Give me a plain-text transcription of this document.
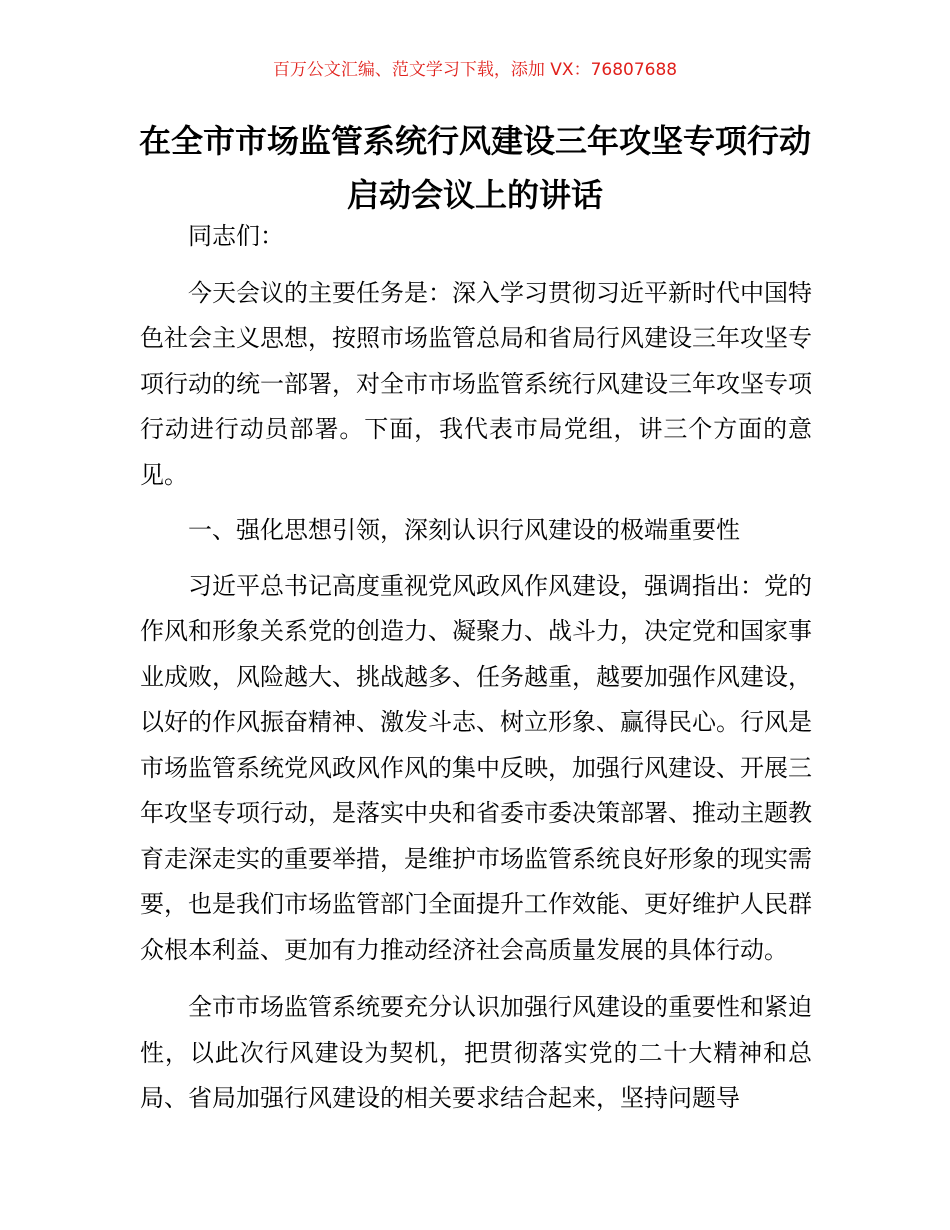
百万公文汇编、范文学习下载，添加 VX：76807688
在全市市场监管系统行风建设三年攻坚专项行动启动会议上的讲话

同志们：

今天会议的主要任务是：深入学习贯彻习近平新时代中国特色社会主义思想，按照市场监管总局和省局行风建设三年攻坚专项行动的统一部署，对全市市场监管系统行风建设三年攻坚专项行动进行动员部署。下面，我代表市局党组，讲三个方面的意见。

一、强化思想引领，深刻认识行风建设的极端重要性

习近平总书记高度重视党风政风作风建设，强调指出：党的作风和形象关系党的创造力、凝聚力、战斗力，决定党和国家事业成败，风险越大、挑战越多、任务越重，越要加强作风建设，以好的作风振奋精神、激发斗志、树立形象、赢得民心。行风是市场监管系统党风政风作风的集中反映，加强行风建设、开展三年攻坚专项行动，是落实中央和省委市委决策部署、推动主题教育走深走实的重要举措，是维护市场监管系统良好形象的现实需要，也是我们市场监管部门全面提升工作效能、更好维护人民群众根本利益、更加有力推动经济社会高质量发展的具体行动。

全市市场监管系统要充分认识加强行风建设的重要性和紧迫性，以此次行风建设为契机，把贯彻落实党的二十大精神和总局、省局加强行风建设的相关要求结合起来，坚持问题导
